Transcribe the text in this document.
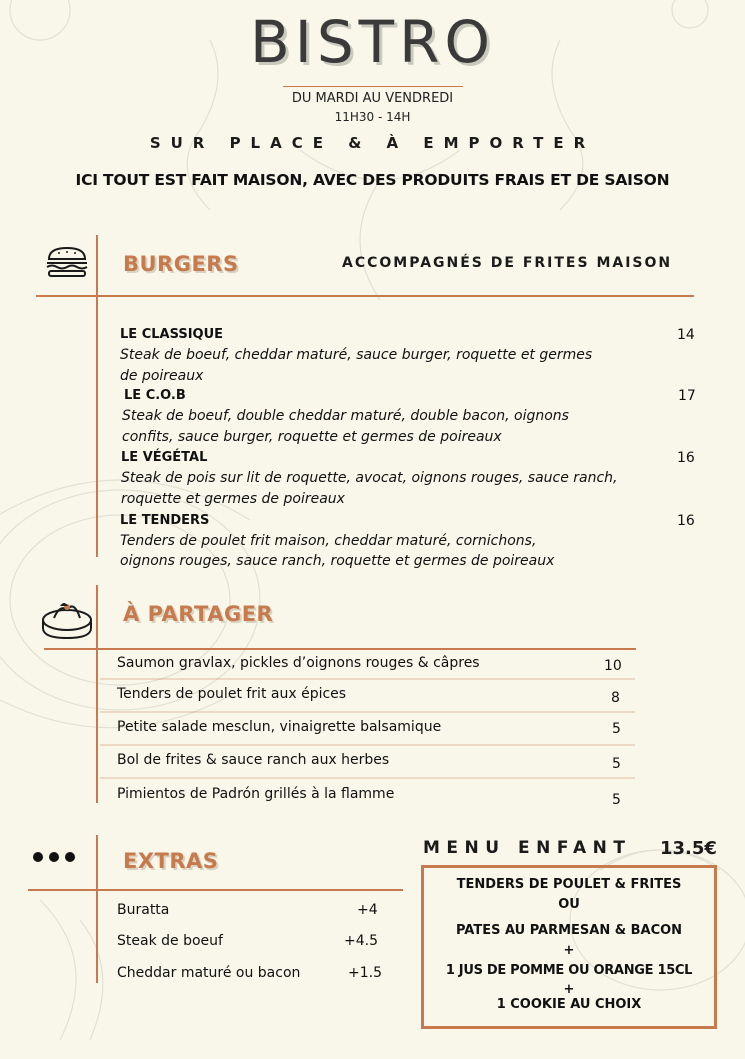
BISTRO
DU MARDI AU VENDREDI
11H30 - 14H
SUR PLACE & À EMPORTER
ICI TOUT EST FAIT MAISON, AVEC DES PRODUITS FRAIS ET DE SAISON
BURGERS	ACCOMPAGNÉS DE FRITES MAISON
LE CLASSIQUE
Steak de boeuf, cheddar maturé, sauce burger, roquette et germes
de poireaux
14
LE C.O.B
Steak de boeuf, double cheddar maturé, double bacon, oignons
confits, sauce burger, roquette et germes de poireaux
17
LE VÉGÉTAL
Steak de pois sur lit de roquette, avocat, oignons rouges, sauce ranch,
roquette et germes de poireaux
16
LE TENDERS
Tenders de poulet frit maison, cheddar maturé, cornichons,
oignons rouges, sauce ranch, roquette et germes de poireaux
16
À PARTAGER
Saumon gravlax, pickles d’oignons rouges & câpres	10
Tenders de poulet frit aux épices	8
Petite salade mesclun, vinaigrette balsamique	5
Bol de frites & sauce ranch aux herbes	5
Pimientos de Padrón grillés à la flamme	5
EXTRAS
Buratta	+4
Steak de boeuf	+4.5
Cheddar maturé ou bacon	+1.5
MENU ENFANT 13.5€
TENDERS DE POULET & FRITES
OU
PATES AU PARMESAN & BACON
+
1 JUS DE POMME OU ORANGE 15CL
+
1 COOKIE AU CHOIX
